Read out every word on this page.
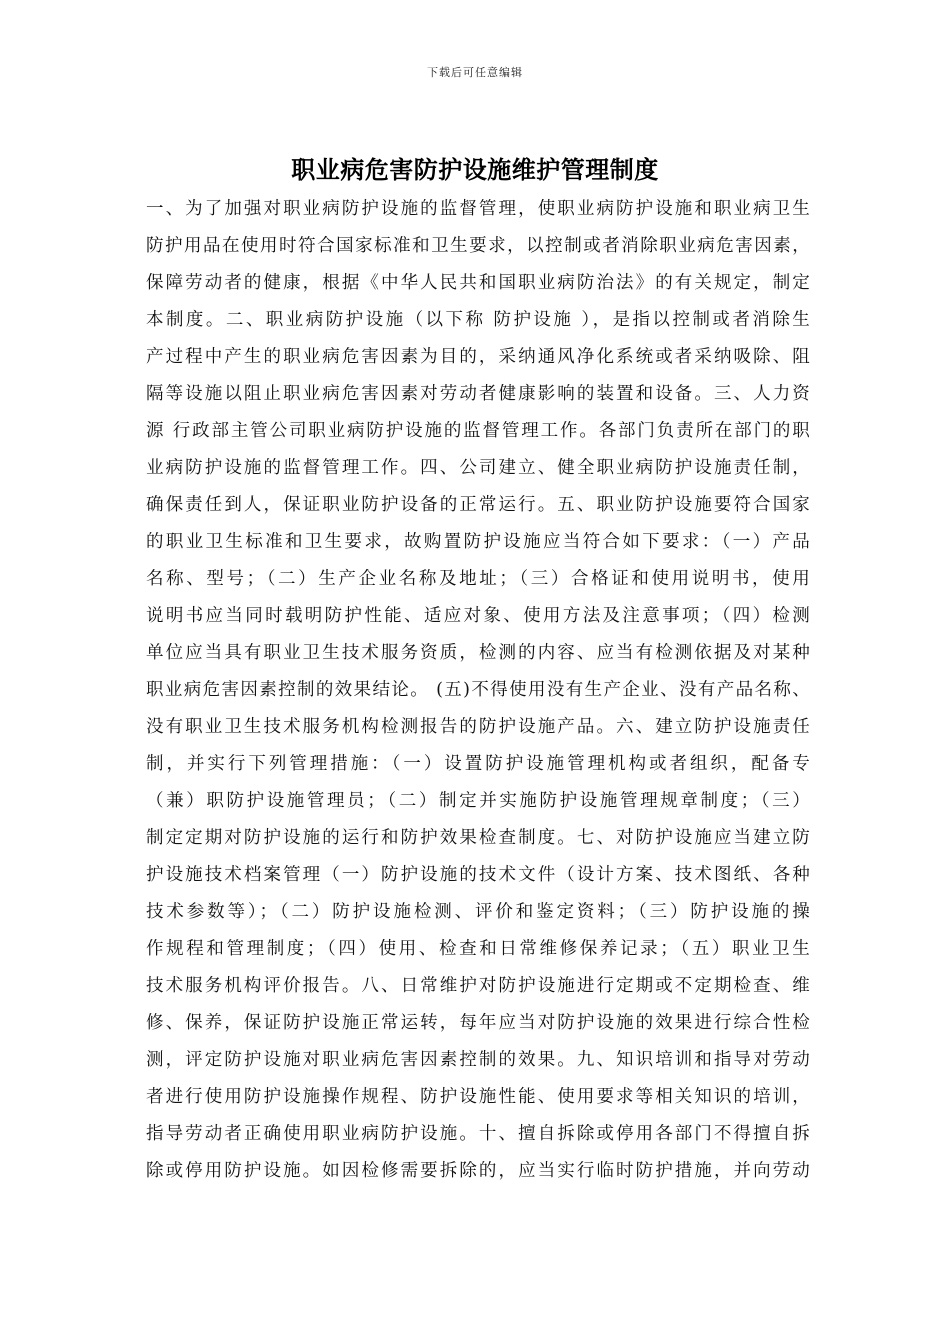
下载后可任意编辑
职业病危害防护设施维护管理制度
一、为了加强对职业病防护设施的监督管理，使职业病防护设施和职业病卫生
防护用品在使用时符合国家标准和卫生要求，以控制或者消除职业病危害因素，
保障劳动者的健康，根据《中华人民共和国职业病防治法》的有关规定，制定
本制度。二、职业病防护设施（以下称 防护设施 ），是指以控制或者消除生
产过程中产生的职业病危害因素为目的，采纳通风净化系统或者采纳吸除、阻
隔等设施以阻止职业病危害因素对劳动者健康影响的装置和设备。三、人力资
源 行政部主管公司职业病防护设施的监督管理工作。各部门负责所在部门的职
业病防护设施的监督管理工作。四、公司建立、健全职业病防护设施责任制，
确保责任到人，保证职业防护设备的正常运行。五、职业防护设施要符合国家
的职业卫生标准和卫生要求，故购置防护设施应当符合如下要求：（一）产品
名称、型号；（二）生产企业名称及地址；（三）合格证和使用说明书，使用
说明书应当同时载明防护性能、适应对象、使用方法及注意事项；（四）检测
单位应当具有职业卫生技术服务资质，检测的内容、应当有检测依据及对某种
职业病危害因素控制的效果结论。 (五)不得使用没有生产企业、没有产品名称、
没有职业卫生技术服务机构检测报告的防护设施产品。六、建立防护设施责任
制，并实行下列管理措施：（一）设置防护设施管理机构或者组织，配备专
（兼）职防护设施管理员；（二）制定并实施防护设施管理规章制度；（三）
制定定期对防护设施的运行和防护效果检查制度。七、对防护设施应当建立防
护设施技术档案管理（一）防护设施的技术文件（设计方案、技术图纸、各种
技术参数等）；（二）防护设施检测、评价和鉴定资料；（三）防护设施的操
作规程和管理制度；（四）使用、检查和日常维修保养记录；（五）职业卫生
技术服务机构评价报告。八、日常维护对防护设施进行定期或不定期检查、维
修、保养，保证防护设施正常运转，每年应当对防护设施的效果进行综合性检
测，评定防护设施对职业病危害因素控制的效果。九、知识培训和指导对劳动
者进行使用防护设施操作规程、防护设施性能、使用要求等相关知识的培训，
指导劳动者正确使用职业病防护设施。十、擅自拆除或停用各部门不得擅自拆
除或停用防护设施。如因检修需要拆除的，应当实行临时防护措施，并向劳动
